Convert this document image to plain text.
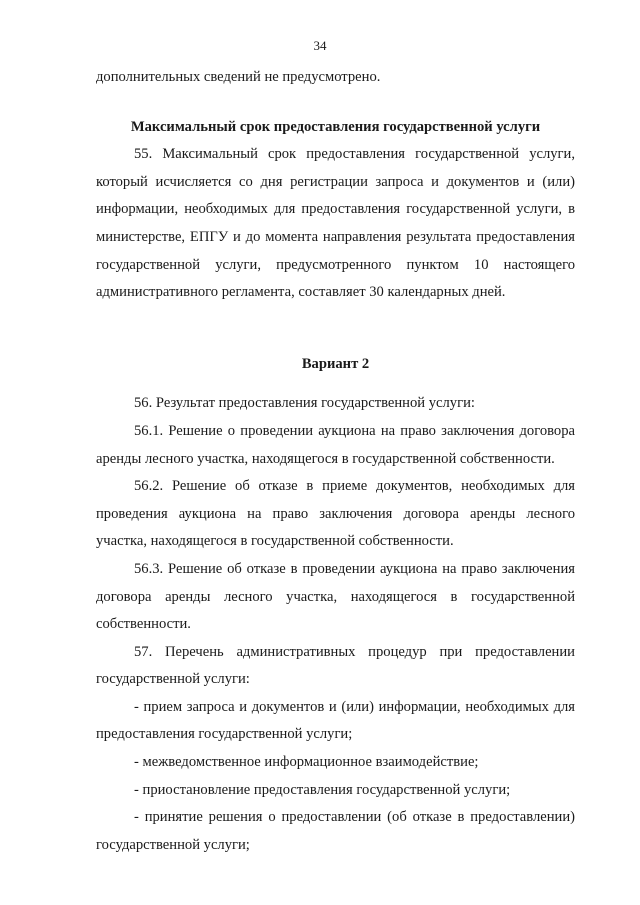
34

дополнительных сведений не предусмотрено.

Максимальный срок предоставления государственной услуги

55. Максимальный срок предоставления государственной услуги, который исчисляется со дня регистрации запроса и документов и (или) информации, необходимых для предоставления государственной услуги, в министерстве, ЕПГУ и до момента направления результата предоставления государственной услуги, предусмотренного пунктом 10 настоящего административного регламента, составляет 30 календарных дней.

Вариант 2

56. Результат предоставления государственной услуги:

56.1. Решение о проведении аукциона на право заключения договора аренды лесного участка, находящегося в государственной собственности.

56.2. Решение об отказе в приеме документов, необходимых для проведения аукциона на право заключения договора аренды лесного участка, находящегося в государственной собственности.

56.3. Решение об отказе в проведении аукциона на право заключения договора аренды лесного участка, находящегося в государственной собственности.

57. Перечень административных процедур при предоставлении государственной услуги:

- прием запроса и документов и (или) информации, необходимых для предоставления государственной услуги;

- межведомственное информационное взаимодействие;

- приостановление предоставления государственной услуги;

- принятие решения о предоставлении (об отказе в предоставлении) государственной услуги;
